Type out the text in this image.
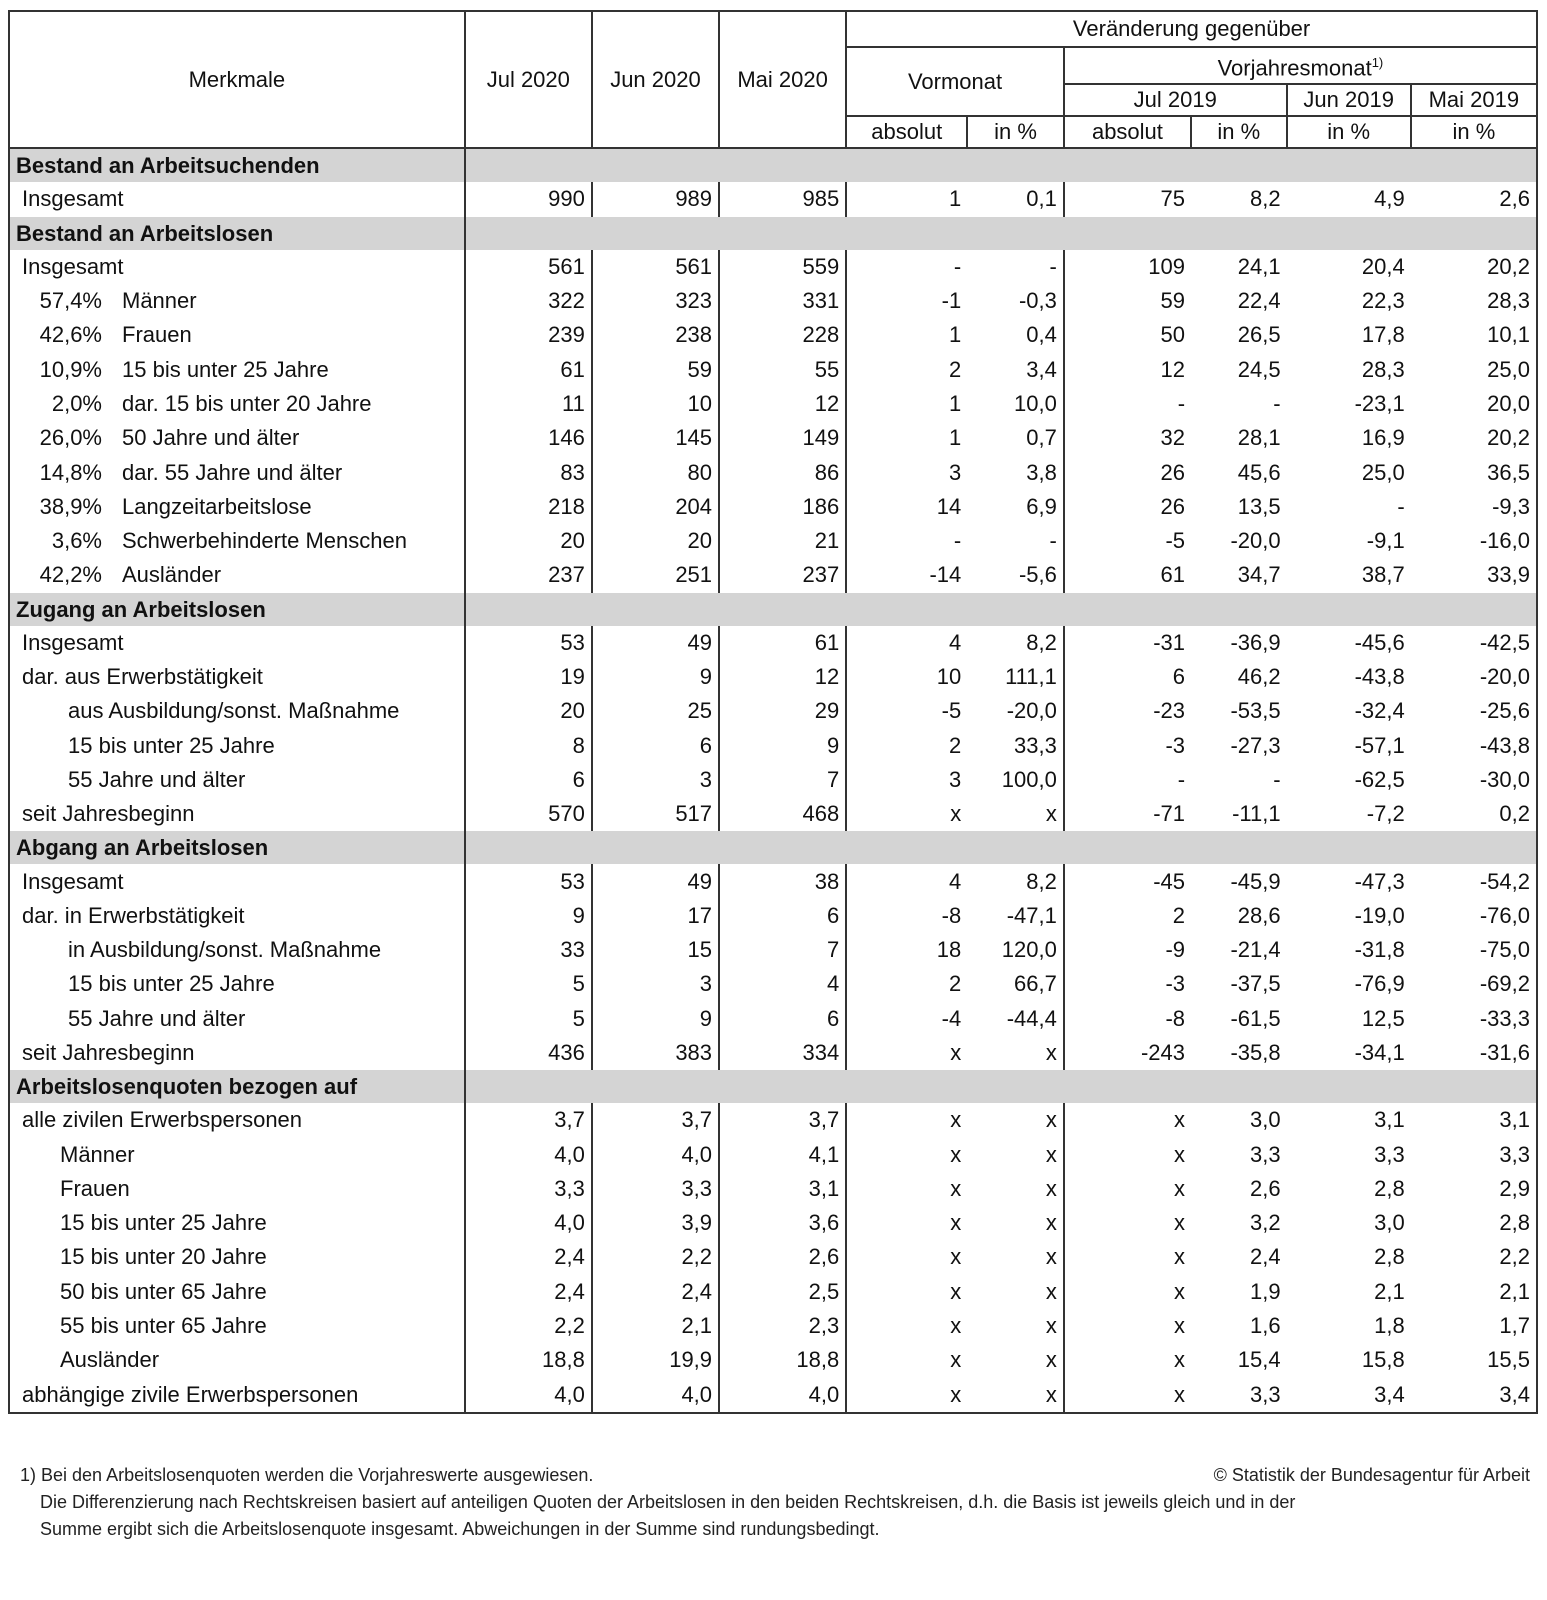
Merkmale	Jul 2020	Jun 2020	Mai 2020	Veränderung gegenüber					
				Vormonat		Vorjahresmonat$^{1)}$
						Jul 2019		Jun 2019	Mai 2019
				absolut	in %	absolut	in %	in %	in %
Bestand an Arbeitsuchenden									
Insgesamt	990	989	985	1	0,1	75	8,2	4,9	2,6
Bestand an Arbeitslosen									
Insgesamt	561	561	559	-	-	109	24,1	20,4	20,2
57,4% Männer	322	323	331	-1	-0,3	59	22,4	22,3	28,3
42,6% Frauen	239	238	228	1	0,4	50	26,5	17,8	10,1
10,9% 15 bis unter 25 Jahre	61	59	55	2	3,4	12	24,5	28,3	25,0
2,0% dar. 15 bis unter 20 Jahre	11	10	12	1	10,0	-	-	-23,1	20,0
26,0% 50 Jahre und älter	146	145	149	1	0,7	32	28,1	16,9	20,2
14,8% dar. 55 Jahre und älter	83	80	86	3	3,8	26	45,6	25,0	36,5
38,9% Langzeitarbeitslose	218	204	186	14	6,9	26	13,5	-	-9,3
3,6% Schwerbehinderte Menschen	20	20	21	-	-	-5	-20,0	-9,1	-16,0
42,2% Ausländer	237	251	237	-14	-5,6	61	34,7	38,7	33,9
Zugang an Arbeitslosen									
Insgesamt	53	49	61	4	8,2	-31	-36,9	-45,6	-42,5
dar. aus Erwerbstätigkeit	19	9	12	10	111,1	6	46,2	-43,8	-20,0
aus Ausbildung/sonst. Maßnahme	20	25	29	-5	-20,0	-23	-53,5	-32,4	-25,6
15 bis unter 25 Jahre	8	6	9	2	33,3	-3	-27,3	-57,1	-43,8
55 Jahre und älter	6	3	7	3	100,0	-	-	-62,5	-30,0
seit Jahresbeginn	570	517	468	x	x	-71	-11,1	-7,2	0,2
Abgang an Arbeitslosen									
Insgesamt	53	49	38	4	8,2	-45	-45,9	-47,3	-54,2
dar. in Erwerbstätigkeit	9	17	6	-8	-47,1	2	28,6	-19,0	-76,0
in Ausbildung/sonst. Maßnahme	33	15	7	18	120,0	-9	-21,4	-31,8	-75,0
15 bis unter 25 Jahre	5	3	4	2	66,7	-3	-37,5	-76,9	-69,2
55 Jahre und älter	5	9	6	-4	-44,4	-8	-61,5	12,5	-33,3
seit Jahresbeginn	436	383	334	x	x	-243	-35,8	-34,1	-31,6
Arbeitslosenquoten bezogen auf									
alle zivilen Erwerbspersonen	3,7	3,7	3,7	x	x	x	3,0	3,1	3,1
Männer	4,0	4,0	4,1	x	x	x	3,3	3,3	3,3
Frauen	3,3	3,3	3,1	x	x	x	2,6	2,8	2,9
15 bis unter 25 Jahre	4,0	3,9	3,6	x	x	x	3,2	3,0	2,8
15 bis unter 20 Jahre	2,4	2,2	2,6	x	x	x	2,4	2,8	2,2
50 bis unter 65 Jahre	2,4	2,4	2,5	x	x	x	1,9	2,1	2,1
55 bis unter 65 Jahre	2,2	2,1	2,3	x	x	x	1,6	1,8	1,7
Ausländer	18,8	19,9	18,8	x	x	x	15,4	15,8	15,5
abhängige zivile Erwerbspersonen	4,0	4,0	4,0	x	x	x	3,3	3,4	3,4
1) Bei den Arbeitslosenquoten werden die Vorjahreswerte ausgewiesen.	© Statistik der Bundesagentur für Arbeit
Die Differenzierung nach Rechtskreisen basiert auf anteiligen Quoten der Arbeitslosen in den beiden Rechtskreisen, d.h. die Basis ist jeweils gleich und in der
Summe ergibt sich die Arbeitslosenquote insgesamt. Abweichungen in der Summe sind rundungsbedingt.
